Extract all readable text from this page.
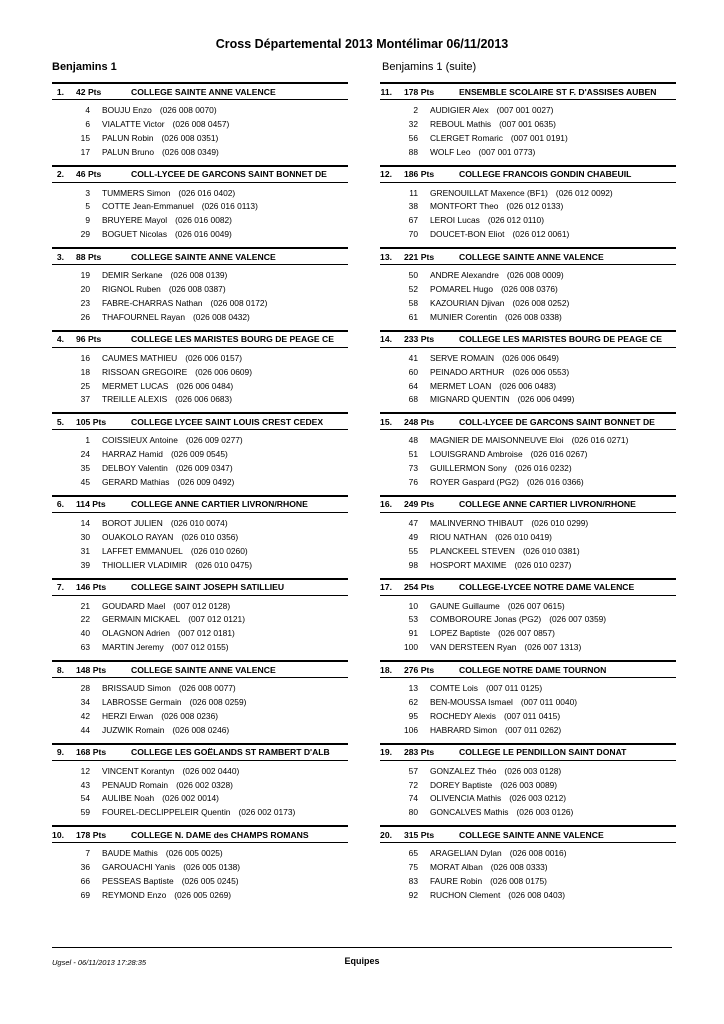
Cross Départemental 2013 Montélimar 06/11/2013
Benjamins 1	Benjamins 1 (suite)
1.	42 Pts	COLLEGE SAINTE ANNE VALENCE
4 BOUJU Enzo (026 008 0070)
6 VIALATTE Victor (026 008 0457)
15 PALUN Robin (026 008 0351)
17 PALUN Bruno (026 008 0349)
2.	46 Pts	COLL-LYCEE DE GARCONS SAINT BONNET DE
3 TUMMERS Simon (026 016 0402)
5 COTTE Jean-Emmanuel (026 016 0113)
9 BRUYERE Mayol (026 016 0082)
29 BOGUET Nicolas (026 016 0049)
3.	88 Pts	COLLEGE SAINTE ANNE VALENCE
19 DEMIR Serkane (026 008 0139)
20 RIGNOL Ruben (026 008 0387)
23 FABRE-CHARRAS Nathan (026 008 0172)
26 THAFOURNEL Rayan (026 008 0432)
4.	96 Pts	COLLEGE LES MARISTES BOURG DE PEAGE CE
16 CAUMES MATHIEU (026 006 0157)
18 RISSOAN GREGOIRE (026 006 0609)
25 MERMET LUCAS (026 006 0484)
37 TREILLE ALEXIS (026 006 0683)
5.	105 Pts	COLLEGE LYCEE SAINT LOUIS CREST CEDEX
1 COISSIEUX Antoine (026 009 0277)
24 HARRAZ Hamid (026 009 0545)
35 DELBOY Valentin (026 009 0347)
45 GERARD Mathias (026 009 0492)
6.	114 Pts	COLLEGE ANNE CARTIER LIVRON/RHONE
14 BOROT JULIEN (026 010 0074)
30 OUAKOLO RAYAN (026 010 0356)
31 LAFFET EMMANUEL (026 010 0260)
39 THIOLLIER VLADIMIR (026 010 0475)
7.	146 Pts	COLLEGE SAINT JOSEPH SATILLIEU
21 GOUDARD Mael (007 012 0128)
22 GERMAIN MICKAEL (007 012 0121)
40 OLAGNON Adrien (007 012 0181)
63 MARTIN Jeremy (007 012 0155)
8.	148 Pts	COLLEGE SAINTE ANNE VALENCE
28 BRISSAUD Simon (026 008 0077)
34 LABROSSE Germain (026 008 0259)
42 HERZI Erwan (026 008 0236)
44 JUZWIK Romain (026 008 0246)
9.	168 Pts	COLLEGE LES GOËLANDS ST RAMBERT D'ALB
12 VINCENT Korantyn (026 002 0440)
43 PENAUD Romain (026 002 0328)
54 AULIBE Noah (026 002 0014)
59 FOUREL-DECLIPPELEIR Quentin (026 002 0173)
10.	178 Pts	COLLEGE N. DAME des CHAMPS ROMANS
7 BAUDE Mathis (026 005 0025)
36 GAROUACHI Yanis (026 005 0138)
66 PESSEAS Baptiste (026 005 0245)
69 REYMOND Enzo (026 005 0269)
11.	178 Pts	ENSEMBLE SCOLAIRE ST F. D'ASSISES AUBEN
2 AUDIGIER Alex (007 001 0027)
32 REBOUL Mathis (007 001 0635)
56 CLERGET Romaric (007 001 0191)
88 WOLF Leo (007 001 0773)
12.	186 Pts	COLLEGE FRANCOIS GONDIN CHABEUIL
11 GRENOUILLAT Maxence (BF1) (026 012 0092)
38 MONTFORT Theo (026 012 0133)
67 LEROI Lucas (026 012 0110)
70 DOUCET-BON Eliot (026 012 0061)
13.	221 Pts	COLLEGE SAINTE ANNE VALENCE
50 ANDRE Alexandre (026 008 0009)
52 POMAREL Hugo (026 008 0376)
58 KAZOURIAN Djivan (026 008 0252)
61 MUNIER Corentin (026 008 0338)
14.	233 Pts	COLLEGE LES MARISTES BOURG DE PEAGE CE
41 SERVE ROMAIN (026 006 0649)
60 PEINADO ARTHUR (026 006 0553)
64 MERMET LOAN (026 006 0483)
68 MIGNARD QUENTIN (026 006 0499)
15.	248 Pts	COLL-LYCEE DE GARCONS SAINT BONNET DE
48 MAGNIER DE MAISONNEUVE Eloi (026 016 0271)
51 LOUISGRAND Ambroise (026 016 0267)
73 GUILLERMON Sony (026 016 0232)
76 ROYER Gaspard (PG2) (026 016 0366)
16.	249 Pts	COLLEGE ANNE CARTIER LIVRON/RHONE
47 MALINVERNO THIBAUT (026 010 0299)
49 RIOU NATHAN (026 010 0419)
55 PLANCKEEL STEVEN (026 010 0381)
98 HOSPORT MAXIME (026 010 0237)
17.	254 Pts	COLLEGE-LYCEE NOTRE DAME VALENCE
10 GAUNE Guillaume (026 007 0615)
53 COMBOROURE Jonas (PG2) (026 007 0359)
91 LOPEZ Baptiste (026 007 0857)
100 VAN DERSTEEN Ryan (026 007 1313)
18.	276 Pts	COLLEGE NOTRE DAME TOURNON
13 COMTE Lois (007 011 0125)
62 BEN-MOUSSA Ismael (007 011 0040)
95 ROCHEDY Alexis (007 011 0415)
106 HABRARD Simon (007 011 0262)
19.	283 Pts	COLLEGE LE PENDILLON SAINT DONAT
57 GONZALEZ Théo (026 003 0128)
72 DOREY Baptiste (026 003 0089)
74 OLIVENCIA Mathis (026 003 0212)
80 GONCALVES Mathis (026 003 0126)
20.	315 Pts	COLLEGE SAINTE ANNE VALENCE
65 ARAGELIAN Dylan (026 008 0016)
75 MORAT Alban (026 008 0333)
83 FAURE Robin (026 008 0175)
92 RUCHON Clement (026 008 0403)
Ugsel - 06/11/2013 17:28:35	Equipes
